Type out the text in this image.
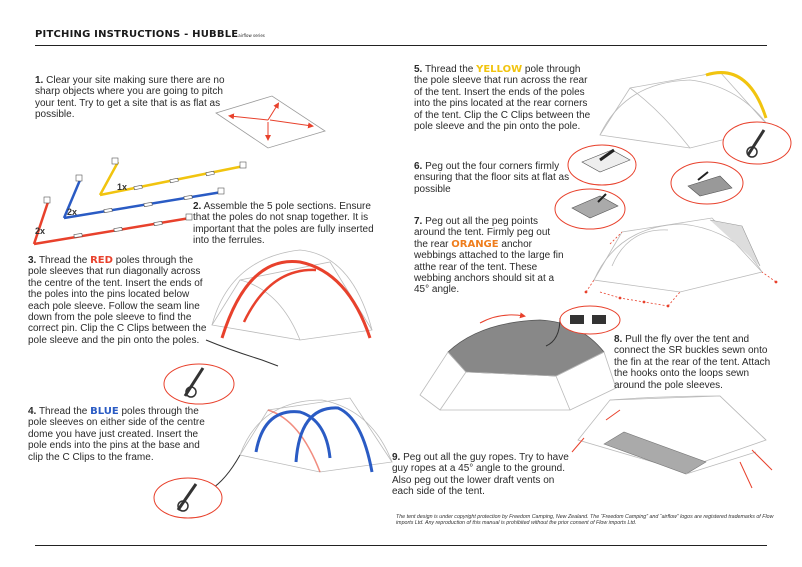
PITCHING INSTRUCTIONS - HUBBLEairflow series
1x
2x
2x
1. Clear your site making sure there are no sharp objects where you are going to pitch your tent. Try to get a site that is as flat as possible.
2. Assemble the 5 pole sections. Ensure that the poles do not snap together. It is important that the poles are fully inserted into the ferrules.
3. Thread the RED poles through the pole sleeves that run diagonally across the centre of the tent. Insert the ends of the poles into the pins located below each pole sleeve. Follow the seam line down from the pole sleeve to find the correct pin. Clip the C Clips between the pole sleeve and the pin onto the poles.
4. Thread the BLUE poles through the pole sleeves on either side of the centre dome you have just created. Insert the pole ends into the pins at the base and clip the C Clips to the frame.
5. Thread the YELLOW pole through the pole sleeve that run across the rear of the tent. Insert the ends of the poles into the pins located at the rear corners of the tent. Clip the C Clips between the pole sleeve and the pin onto the pole.
6. Peg out the four corners firmly ensuring that the floor sits at flat as possible
7. Peg out all the peg points around the tent. Firmly peg out the rear ORANGE anchor webbings attached to the large fin atthe rear of the tent. These webbing anchors should sit at a 45° angle.
8. Pull the fly over the tent and connect the SR buckles sewn onto the fin at the rear of the tent. Attach the hooks onto the loops sewn around the pole sleeves.
9. Peg out all the guy ropes. Try to have guy ropes at a 45° angle to the ground. Also peg out the lower draft vents on each side of the tent.
The tent design is under copyright protection by Freedom Camping, New Zealand. The “Freedom Camping” and “airflow” logos are registered trademarks of Flow imports Ltd. Any reproduction of this manual is prohibited without the prior consent of Flow imports Ltd.
